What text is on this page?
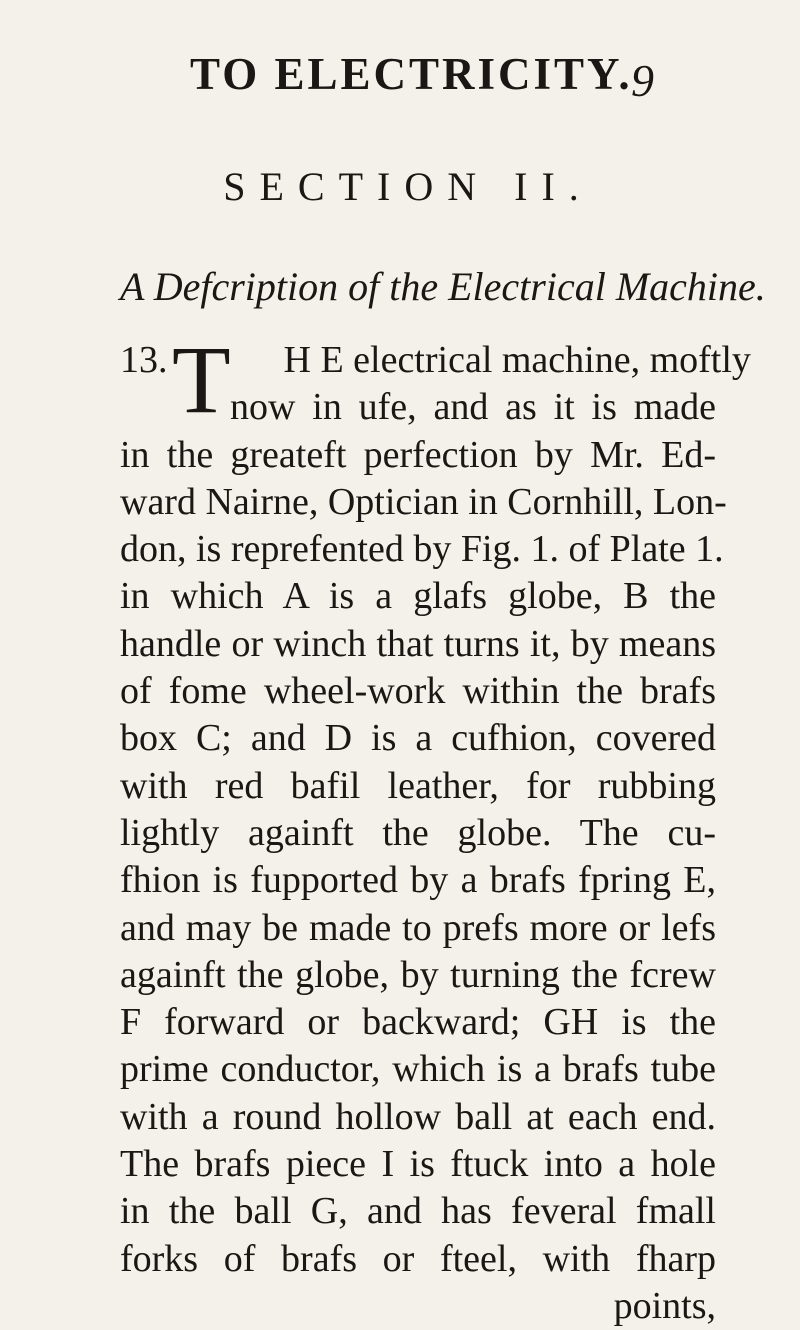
TO ELECTRICITY.
9
SECTION II.
A Defcription of the Electrical Machine.
13. T H E electrical machine, moftly
now in ufe, and as it is made
in the greateft perfection by Mr. Ed-
ward Nairne, Optician in Cornhill, Lon-
don, is reprefented by Fig. 1. of Plate 1.
in which A is a glafs globe, B the
handle or winch that turns it, by means
of fome wheel-work within the brafs
box C; and D is a cufhion, covered
with red bafil leather, for rubbing
lightly againft the globe. The cu-
fhion is fupported by a brafs fpring E,
and may be made to prefs more or lefs
againft the globe, by turning the fcrew
F forward or backward; GH is the
prime conductor, which is a brafs tube
with a round hollow ball at each end.
The brafs piece I is ftuck into a hole
in the ball G, and has feveral fmall
forks of brafs or fteel, with fharp
points,
